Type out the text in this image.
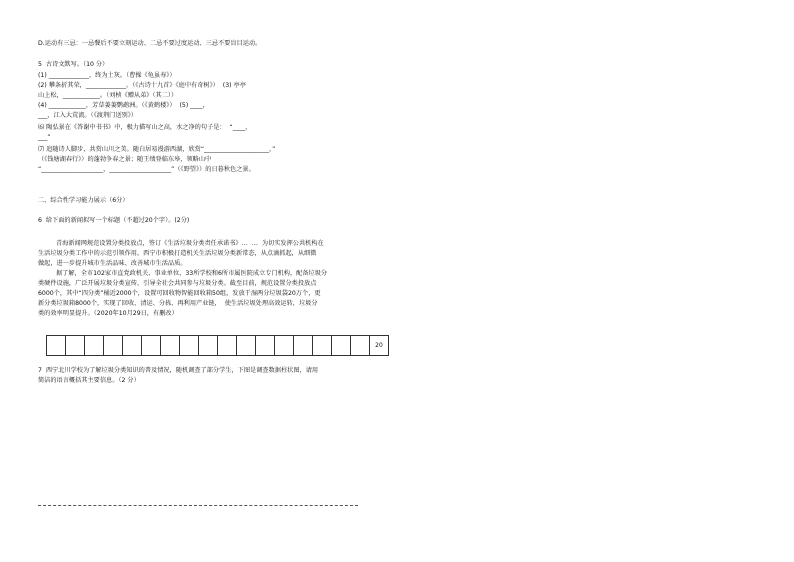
D.运动有三忌：一忌餐后不要立刻运动、二忌不要过度运动、三忌不要盲目运动。
5  古诗文默写。（10 分）
(1) _____________，终为土灰。（曹操《龟虽寿》）
(2) 攀条折其荣，_____________。（《古诗十九首》《庭中有奇树》）  (3) 亭亭
山上松，____________。（刘桢《赠从弟》（其二））
(4) ____________，芳草萋萋鹦鹉洲。（《黄鹤楼》）  (5) ____，
___，江入大荒流。（《渡荆门送别》）
⑹ 陶弘景在《答谢中书书》中，极力描写山之高，水之净的句子是：  “____，
___”
⑺ 追随诗人脚步，共赏山川之美。随白居易漫游西湖，欣赏“_____________________，”
（《钱塘湖春行》）的蓬勃争春之景；随王绩登临东皋，领略山中
“____________________，____________________”（《野望》）的日暮秋色之景。
二、综合性学习能力展示（6分）
6  给下面的新闻拟写一个标题（不超过20个字）。(2分)
青海新闻网规范设置分类投放点，签订《生活垃圾分类责任承诺书》…  …  为切实发挥公共机构在
生活垃圾分类工作中的示范引领作用，西宁市积极打造机关生活垃圾分类新常态，从点滴抓起，从细微
做起，进一步提升城市生活品味、改善城市生活品质。
据了解，全市102家市直党政机关、事业单位，33所学校和6所市属医院成立专门机构，配备垃圾分
类硬件设施，广泛开展垃圾分类宣传，引导全社会共同参与垃圾分类。截至目前，规范设置分类投放点
6000个，其中“四分类”桶近2000个，设置可回收物智能回收箱50组，发放干湿两分垃圾袋20万个，更
新分类垃圾箱8000个，实现了回收、清运、分拣、再利用产业链，  使生活垃圾处理高效运转，垃圾分
类的效率明显提升。（2020年10月29日，有删改）
20
7  西宁北川学校为了解垃圾分类知识的普及情况，随机调查了部分学生，下图是调查数据柱状图，请用
简洁的语言概括其主要信息。（2 分）
